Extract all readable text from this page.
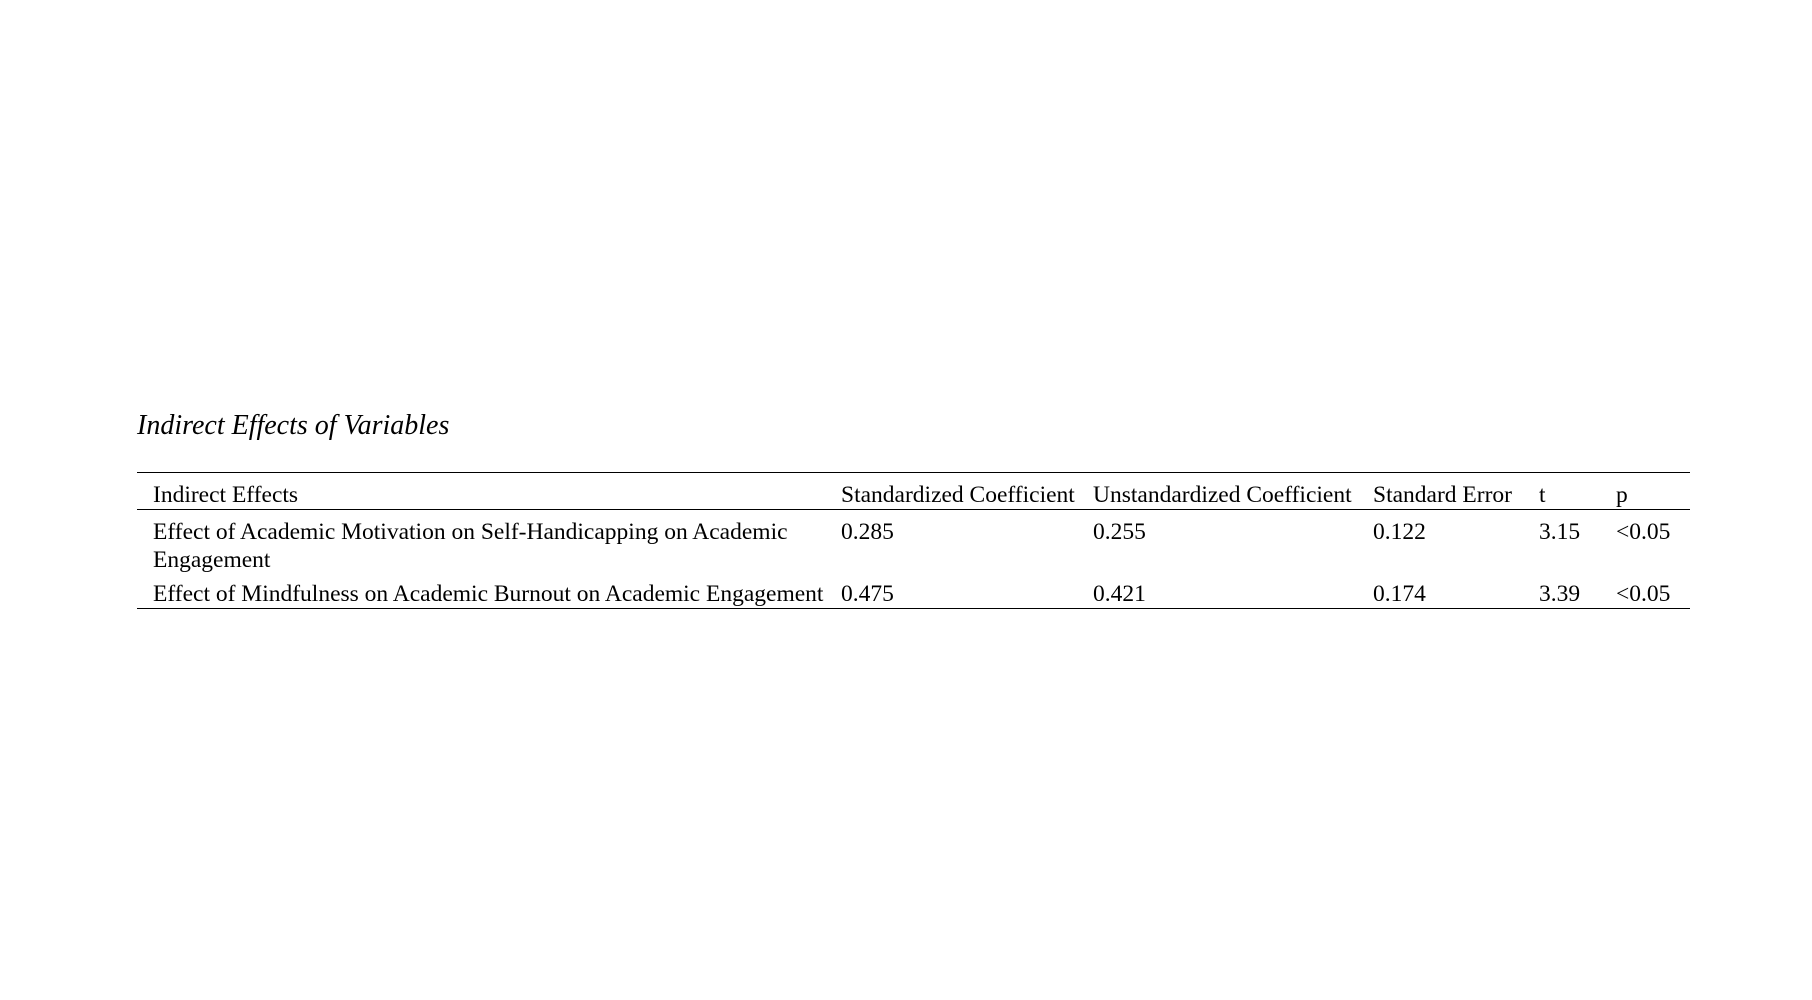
Indirect Effects of Variables
Indirect Effects	Standardized Coefficient	Unstandardized Coefficient	Standard Error	t	p
Effect of Academic Motivation on Self-Handicapping on Academic Engagement	0.285	0.255	0.122	3.15	<0.05
Effect of Mindfulness on Academic Burnout on Academic Engagement	0.475	0.421	0.174	3.39	<0.05
